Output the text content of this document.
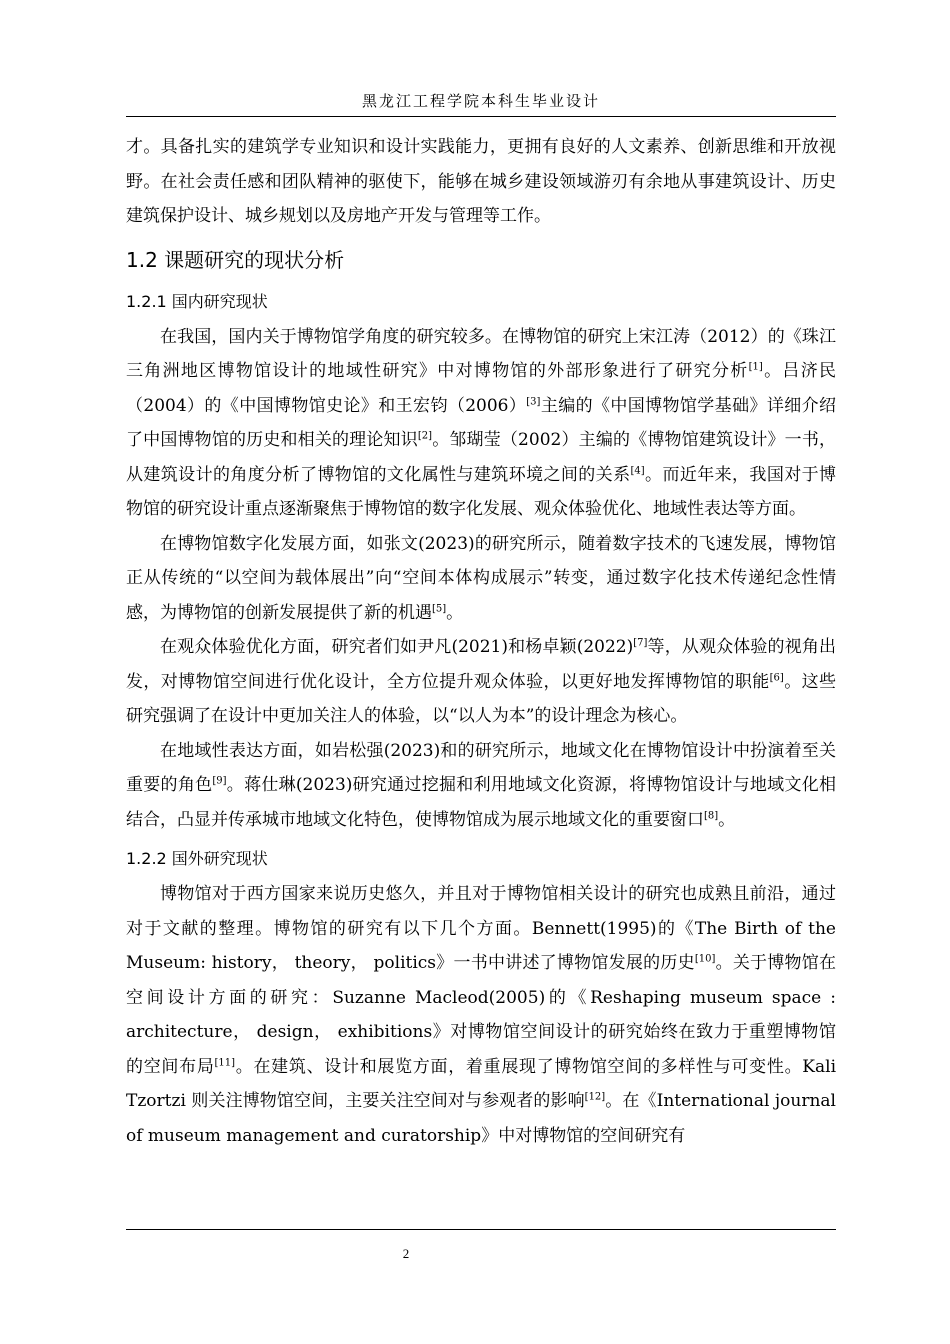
黑龙江工程学院本科生毕业设计

才。具备扎实的建筑学专业知识和设计实践能力，更拥有良好的人文素养、创新思维和开放视野。在社会责任感和团队精神的驱使下，能够在城乡建设领域游刃有余地从事建筑设计、历史建筑保护设计、城乡规划以及房地产开发与管理等工作。

1.2 课题研究的现状分析
1.2.1 国内研究现状

在我国，国内关于博物馆学角度的研究较多。在博物馆的研究上宋江涛（2012）的《珠江三角洲地区博物馆设计的地域性研究》中对博物馆的外部形象进行了研究分析[1]。吕济民（2004）的《中国博物馆史论》和王宏钧（2006）[3]主编的《中国博物馆学基础》详细介绍了中国博物馆的历史和相关的理论知识[2]。邹瑚莹（2002）主编的《博物馆建筑设计》一书，从建筑设计的角度分析了博物馆的文化属性与建筑环境之间的关系[4]。而近年来，我国对于博物馆的研究设计重点逐渐聚焦于博物馆的数字化发展、观众体验优化、地域性表达等方面。

在博物馆数字化发展方面，如张文(2023)的研究所示，随着数字技术的飞速发展，博物馆正从传统的“以空间为载体展出”向“空间本体构成展示”转变，通过数字化技术传递纪念性情感，为博物馆的创新发展提供了新的机遇[5]。

在观众体验优化方面，研究者们如尹凡(2021)和杨卓颖(2022)[7]等，从观众体验的视角出发，对博物馆空间进行优化设计，全方位提升观众体验，以更好地发挥博物馆的职能[6]。这些研究强调了在设计中更加关注人的体验，以“以人为本”的设计理念为核心。

在地域性表达方面，如岩松强(2023)和的研究所示，地域文化在博物馆设计中扮演着至关重要的角色[9]。蒋仕琳(2023)研究通过挖掘和利用地域文化资源，将博物馆设计与地域文化相结合，凸显并传承城市地域文化特色，使博物馆成为展示地域文化的重要窗口[8]。

1.2.2 国外研究现状

博物馆对于西方国家来说历史悠久，并且对于博物馆相关设计的研究也成熟且前沿，通过对于文献的整理。博物馆的研究有以下几个方面。Bennett(1995)的《The Birth of the Museum: history， theory， politics》一书中讲述了博物馆发展的历史[10]。关于博物馆在空间设计方面的研究：Suzanne Macleod(2005)的《Reshaping museum space : architecture， design， exhibitions》对博物馆空间设计的研究始终在致力于重塑博物馆的空间布局[11]。在建筑、设计和展览方面，着重展现了博物馆空间的多样性与可变性。Kali Tzortzi 则关注博物馆空间，主要关注空间对与参观者的影响[12]。在《International journal of museum management and curatorship》中对博物馆的空间研究有

2
